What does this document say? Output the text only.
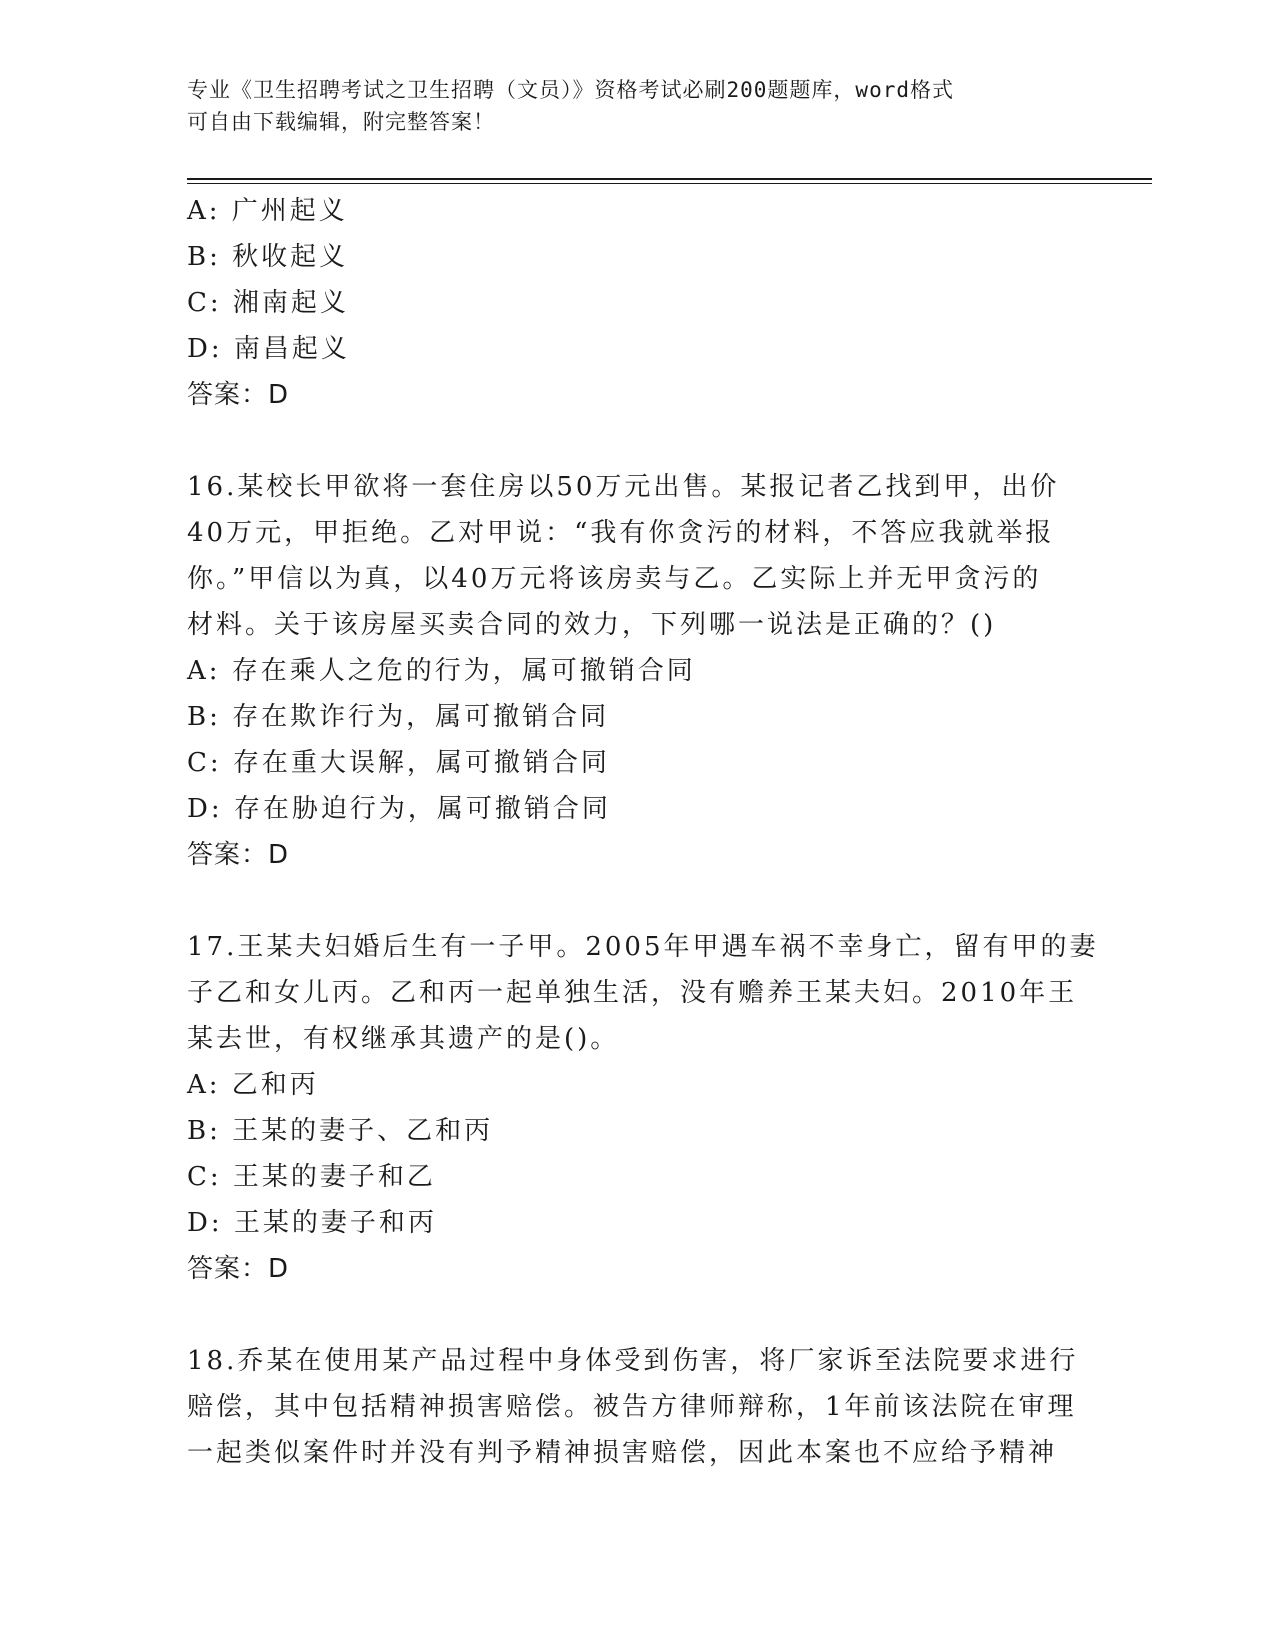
专业《卫生招聘考试之卫生招聘（文员）》资格考试必刷200题题库，word格式
可自由下载编辑，附完整答案！
A: 广州起义
B: 秋收起义
C: 湘南起义
D: 南昌起义
答案：D
16.某校长甲欲将一套住房以50万元出售。某报记者乙找到甲，出价
40万元，甲拒绝。乙对甲说：“我有你贪污的材料，不答应我就举报
你。”甲信以为真，以40万元将该房卖与乙。乙实际上并无甲贪污的
材料。关于该房屋买卖合同的效力，下列哪一说法是正确的？()
A: 存在乘人之危的行为，属可撤销合同
B: 存在欺诈行为，属可撤销合同
C: 存在重大误解，属可撤销合同
D: 存在胁迫行为，属可撤销合同
答案：D
17.王某夫妇婚后生有一子甲。2005年甲遇车祸不幸身亡，留有甲的妻
子乙和女儿丙。乙和丙一起单独生活，没有赡养王某夫妇。2010年王
某去世，有权继承其遗产的是()。
A: 乙和丙
B: 王某的妻子、乙和丙
C: 王某的妻子和乙
D: 王某的妻子和丙
答案：D
18.乔某在使用某产品过程中身体受到伤害，将厂家诉至法院要求进行
赔偿，其中包括精神损害赔偿。被告方律师辩称，1年前该法院在审理
一起类似案件时并没有判予精神损害赔偿，因此本案也不应给予精神
